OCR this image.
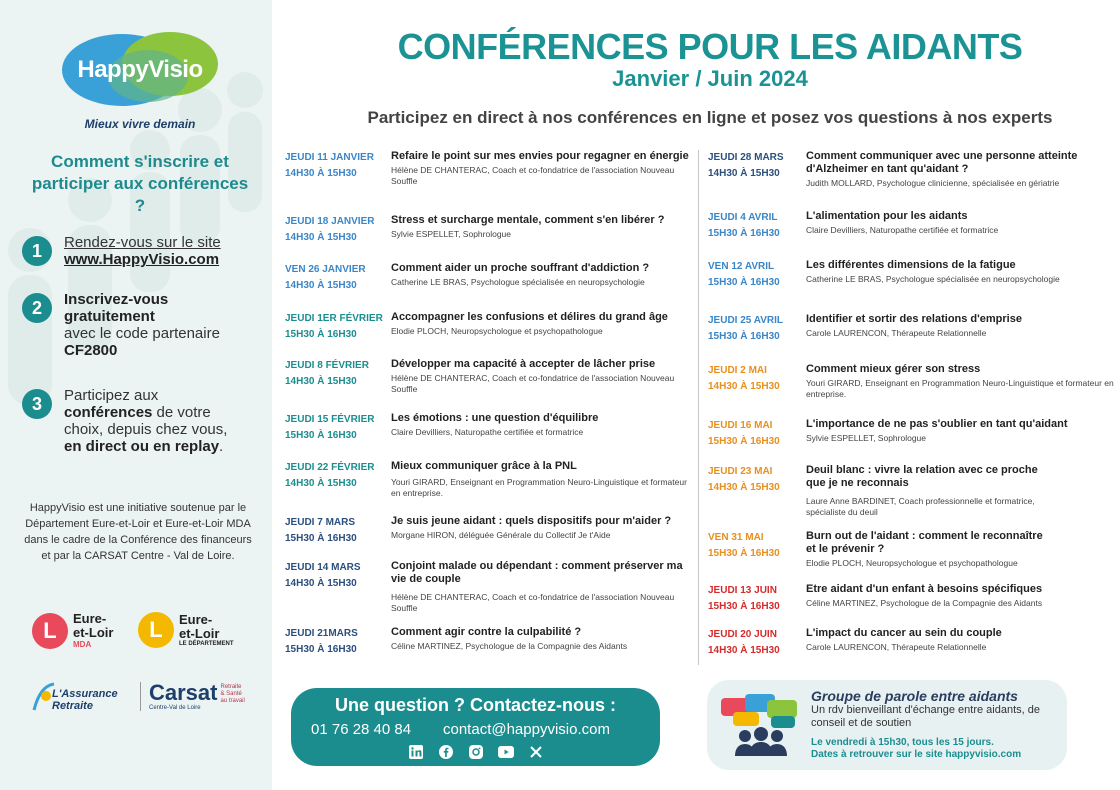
HappyVisio
Mieux vivre demain
Comment s'inscrire et participer aux conférences ?
1	Rendez-vous sur le site
www.HappyVisio.com
2	Inscrivez-vous gratuitement
avec le code partenaire
CF2800
3	Participez aux conférences de votre choix, depuis chez vous, en direct ou en replay.
HappyVisio est une initiative soutenue par le Département Eure-et-Loir et Eure-et-Loir MDA dans le cadre de la Conférence des financeurs et par la CARSAT Centre - Val de Loire.
L	Eure-
et-Loir
MDA
L	Eure-
et-Loir
LE DÉPARTEMENT
L'Assurance
Retraite
Carsat Retraite
& Santé
au travail
Centre-Val de Loire
CONFÉRENCES POUR LES AIDANTS
Janvier / Juin 2024
Participez en direct à nos conférences en ligne et posez vos questions à nos experts
JEUDI 11 JANVIER
14H30 À 15H30
Refaire le point sur mes envies pour regagner en énergie
Hélène DE CHANTERAC, Coach et co-fondatrice de l'association Nouveau Souffle
JEUDI 18 JANVIER
14H30 À 15H30
Stress et surcharge mentale, comment s'en libérer ?
Sylvie ESPELLET, Sophrologue
VEN 26 JANVIER
14H30 À 15H30
Comment aider un proche souffrant d'addiction ?
Catherine LE BRAS, Psychologue spécialisée en neuropsychologie
JEUDI 1ER FÉVRIER
15H30 À 16H30
Accompagner les confusions et délires du grand âge
Elodie PLOCH, Neuropsychologue et psychopathologue
JEUDI 8 FÉVRIER
14H30 À 15H30
Développer ma capacité à accepter de lâcher prise
Hélène DE CHANTERAC, Coach et co-fondatrice de l'association Nouveau Souffle
JEUDI 15 FÉVRIER
15H30 À 16H30
Les émotions : une question d'équilibre
Claire Devilliers, Naturopathe certifiée et formatrice
JEUDI 22 FÉVRIER
14H30 À 15H30
Mieux communiquer grâce à la PNL
Youri GIRARD, Enseignant en Programmation Neuro-Linguistique et formateur en entreprise.
JEUDI 7 MARS
15H30 À 16H30
Je suis jeune aidant : quels dispositifs pour m'aider ?
Morgane HIRON, déléguée Générale du Collectif Je t'Aide
JEUDI 14 MARS
14H30 À 15H30
Conjoint malade ou dépendant : comment préserver ma vie de couple
Hélène DE CHANTERAC, Coach et co-fondatrice de l'association Nouveau Souffle
JEUDI 21MARS
15H30 À 16H30
Comment agir contre la culpabilité ?
Céline MARTINEZ, Psychologue de la Compagnie des Aidants
JEUDI 28 MARS
14H30 À 15H30
Comment communiquer avec une personne atteinte d'Alzheimer en tant qu'aidant ?
Judith MOLLARD, Psychologue clinicienne, spécialisée en gériatrie
JEUDI 4 AVRIL
15H30 À 16H30
L'alimentation pour les aidants
Claire Devilliers, Naturopathe certifiée et formatrice
VEN 12 AVRIL
15H30 À 16H30
Les différentes dimensions de la fatigue
Catherine LE BRAS, Psychologue spécialisée en neuropsychologie
JEUDI 25 AVRIL
15H30 À 16H30
Identifier et sortir des relations d'emprise
Carole LAURENCON, Thérapeute Relationnelle
JEUDI 2 MAI
14H30 À 15H30
Comment mieux gérer son stress
Youri GIRARD, Enseignant en Programmation Neuro-Linguistique et formateur en entreprise.
JEUDI 16 MAI
15H30 À 16H30
L'importance de ne pas s'oublier en tant qu'aidant
Sylvie ESPELLET, Sophrologue
JEUDI 23 MAI
14H30 À 15H30
Deuil blanc : vivre la relation avec ce proche que je ne reconnais
Laure Anne BARDINET, Coach professionnelle et formatrice, spécialiste du deuil
VEN 31 MAI
15H30 À 16H30
Burn out de l'aidant : comment le reconnaître et le prévenir ?
Elodie PLOCH, Neuropsychologue et psychopathologue
JEUDI 13 JUIN
15H30 À 16H30
Etre aidant d'un enfant à besoins spécifiques
Céline MARTINEZ, Psychologue de la Compagnie des Aidants
JEUDI 20 JUIN
14H30 À 15H30
L'impact du cancer au sein du couple
Carole LAURENCON, Thérapeute Relationnelle
Une question ? Contactez-nous :
01 76 28 40 84 contact@happyvisio.com
Groupe de parole entre aidants
Un rdv bienveillant d'échange entre aidants, de conseil et de soutien
Le vendredi à 15h30, tous les 15 jours.
Dates à retrouver sur le site happyvisio.com
